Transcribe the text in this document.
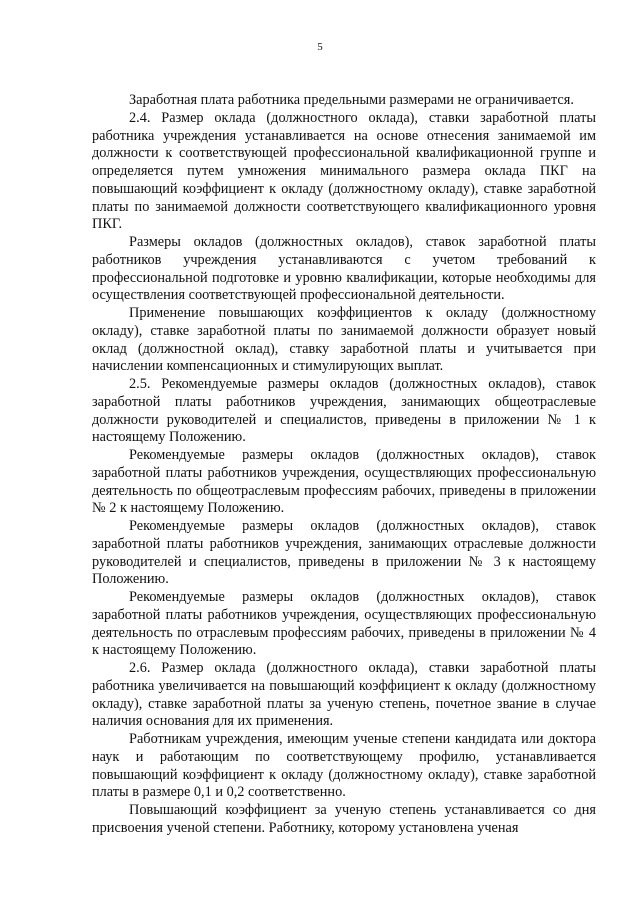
5

Заработная плата работника предельными размерами не ограничивается.

2.4. Размер оклада (должностного оклада), ставки заработной платы работника учреждения устанавливается на основе отнесения занимаемой им должности к соответствующей профессиональной квалификационной группе и определяется путем умножения минимального размера оклада ПКГ на повышающий коэффициент к окладу (должностному окладу), ставке заработной платы по занимаемой должности соответствующего квалификационного уровня ПКГ.

Размеры окладов (должностных окладов), ставок заработной платы работников учреждения устанавливаются с учетом требований к профессиональной подготовке и уровню квалификации, которые необходимы для осуществления соответствующей профессиональной деятельности.

Применение повышающих коэффициентов к окладу (должностному окладу), ставке заработной платы по занимаемой должности образует новый оклад (должностной оклад), ставку заработной платы и учитывается при начислении компенсационных и стимулирующих выплат.

2.5. Рекомендуемые размеры окладов (должностных окладов), ставок заработной платы работников учреждения, занимающих общеотраслевые должности руководителей и специалистов, приведены в приложении № 1 к настоящему Положению.

Рекомендуемые размеры окладов (должностных окладов), ставок заработной платы работников учреждения, осуществляющих профессиональную деятельность по общеотраслевым профессиям рабочих, приведены в приложении № 2 к настоящему Положению.

Рекомендуемые размеры окладов (должностных окладов), ставок заработной платы работников учреждения, занимающих отраслевые должности руководителей и специалистов, приведены в приложении № 3 к настоящему Положению.

Рекомендуемые размеры окладов (должностных окладов), ставок заработной платы работников учреждения, осуществляющих профессиональную деятельность по отраслевым профессиям рабочих, приведены в приложении № 4 к настоящему Положению.

2.6. Размер оклада (должностного оклада), ставки заработной платы работника увеличивается на повышающий коэффициент к окладу (должностному окладу), ставке заработной платы за ученую степень, почетное звание в случае наличия основания для их применения.

Работникам учреждения, имеющим ученые степени кандидата или доктора наук и работающим по соответствующему профилю, устанавливается повышающий коэффициент к окладу (должностному окладу), ставке заработной платы в размере 0,1 и 0,2 соответственно.

Повышающий коэффициент за ученую степень устанавливается со дня присвоения ученой степени. Работнику, которому установлена ученая
